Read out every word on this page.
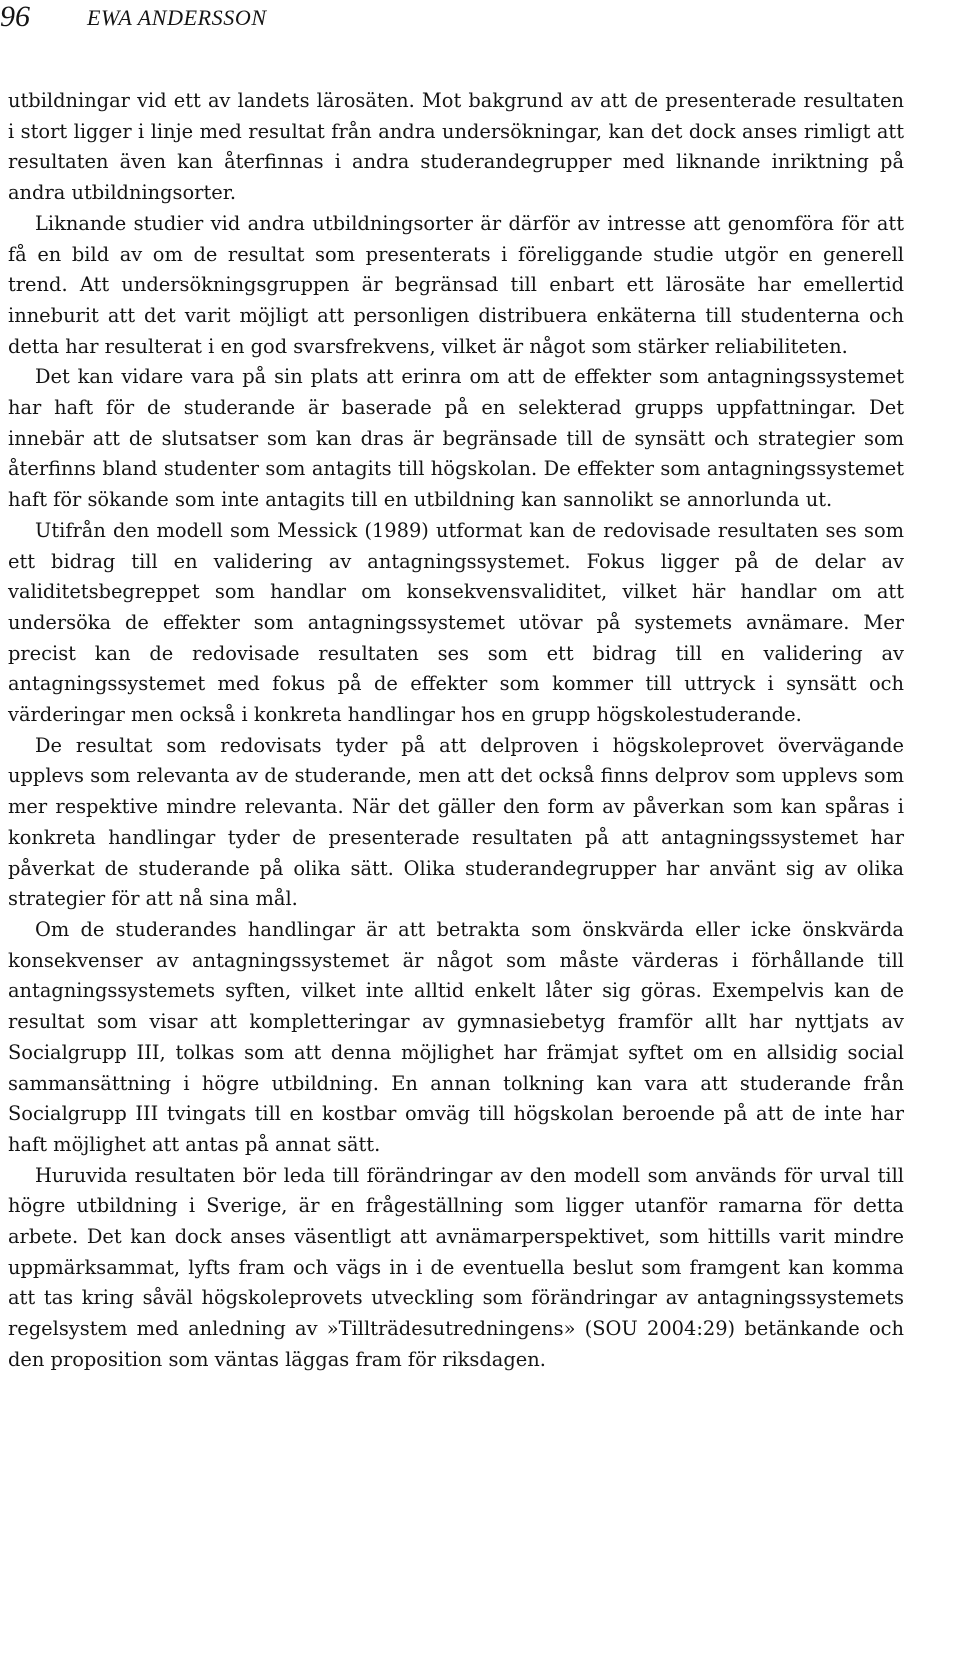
96	EWA ANDERSSON

utbildningar vid ett av landets lärosäten. Mot bakgrund av att de presenterade resultaten i stort ligger i linje med resultat från andra undersökningar, kan det dock anses rimligt att resultaten även kan återfinnas i andra studerandegrupper med liknande inriktning på andra utbildningsorter.

Liknande studier vid andra utbildningsorter är därför av intresse att genomföra för att få en bild av om de resultat som presenterats i föreliggande studie utgör en generell trend. Att undersökningsgruppen är begränsad till enbart ett lärosäte har emellertid inneburit att det varit möjligt att personligen distribuera enkäterna till studenterna och detta har resulterat i en god svarsfrekvens, vilket är något som stärker reliabiliteten.

Det kan vidare vara på sin plats att erinra om att de effekter som antagningssystemet har haft för de studerande är baserade på en selekterad grupps uppfattningar. Det innebär att de slutsatser som kan dras är begränsade till de synsätt och strategier som återfinns bland studenter som antagits till högskolan. De effekter som antagningssystemet haft för sökande som inte antagits till en utbildning kan sannolikt se annorlunda ut.

Utifrån den modell som Messick (1989) utformat kan de redovisade resultaten ses som ett bidrag till en validering av antagningssystemet. Fokus ligger på de delar av validitetsbegreppet som handlar om konsekvensvaliditet, vilket här handlar om att undersöka de effekter som antagningssystemet utövar på systemets avnämare. Mer precist kan de redovisade resultaten ses som ett bidrag till en validering av antagningssystemet med fokus på de effekter som kommer till uttryck i synsätt och värderingar men också i konkreta handlingar hos en grupp högskolestuderande.

De resultat som redovisats tyder på att delproven i högskoleprovet övervägande upplevs som relevanta av de studerande, men att det också finns delprov som upplevs som mer respektive mindre relevanta. När det gäller den form av påverkan som kan spåras i konkreta handlingar tyder de presenterade resultaten på att antagningssystemet har påverkat de studerande på olika sätt. Olika studerandegrupper har använt sig av olika strategier för att nå sina mål.

Om de studerandes handlingar är att betrakta som önskvärda eller icke önskvärda konsekvenser av antagningssystemet är något som måste värderas i förhållande till antagningssystemets syften, vilket inte alltid enkelt låter sig göras. Exempelvis kan de resultat som visar att kompletteringar av gymnasiebetyg framför allt har nyttjats av Socialgrupp III, tolkas som att denna möjlighet har främjat syftet om en allsidig social sammansättning i högre utbildning. En annan tolkning kan vara att studerande från Socialgrupp III tvingats till en kostbar omväg till högskolan beroende på att de inte har haft möjlighet att antas på annat sätt.

Huruvida resultaten bör leda till förändringar av den modell som används för urval till högre utbildning i Sverige, är en frågeställning som ligger utanför ramarna för detta arbete. Det kan dock anses väsentligt att avnämarperspektivet, som hittills varit mindre uppmärksammat, lyfts fram och vägs in i de eventuella beslut som framgent kan komma att tas kring såväl högskoleprovets utveckling som förändringar av antagningssystemets regelsystem med anledning av »Tillträdesutredningens» (SOU 2004:29) betänkande och den proposition som väntas läggas fram för riksdagen.
